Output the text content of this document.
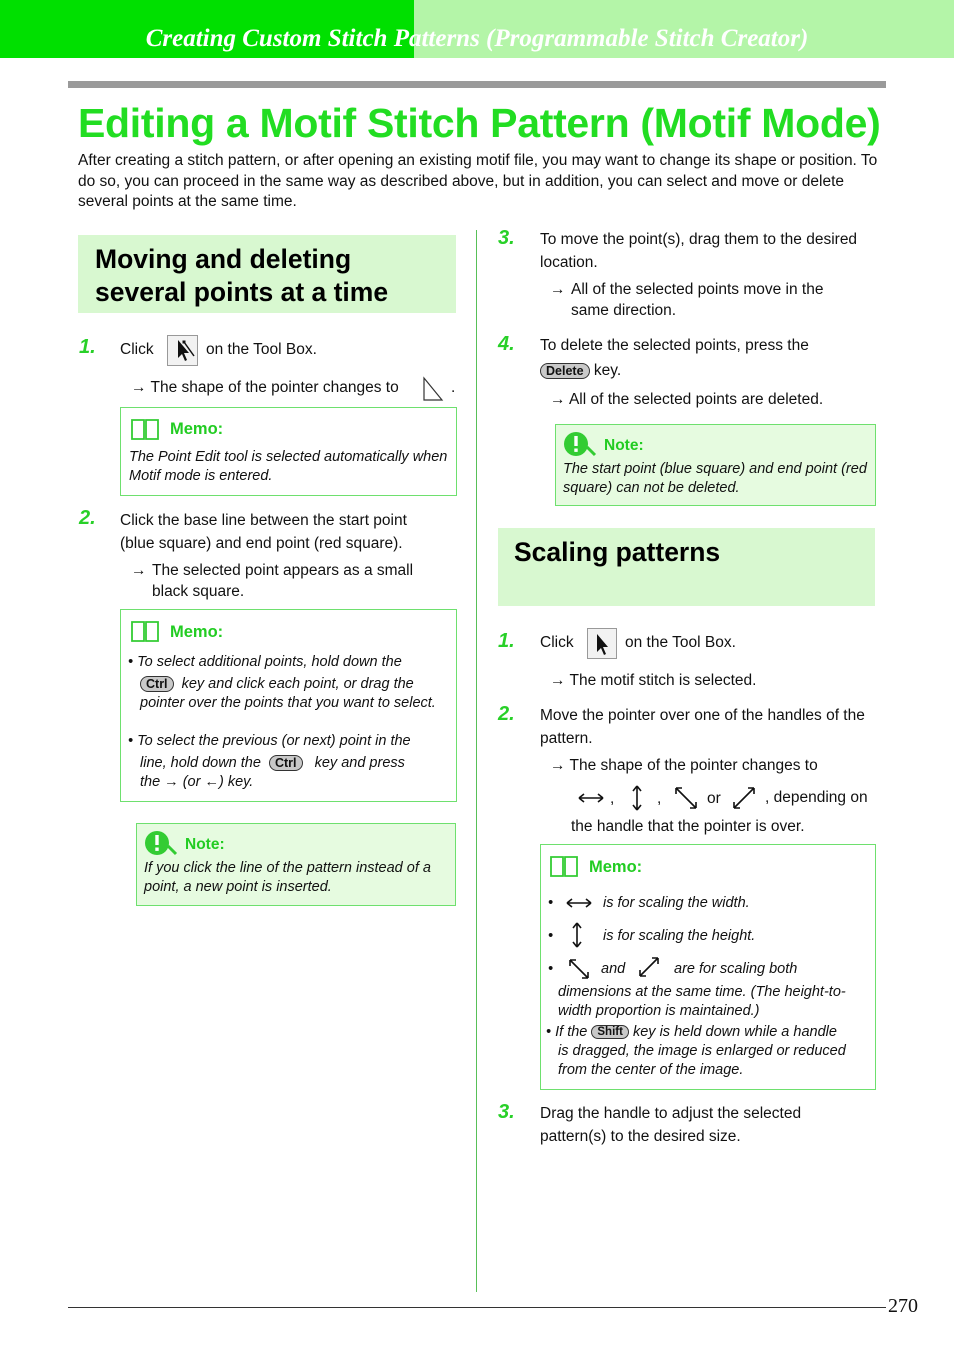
Creating Custom Stitch Patterns (Programmable Stitch Creator)
Editing a Motif Stitch Pattern (Motif Mode)
After creating a stitch pattern, or after opening an existing motif file, you may want to change its shape or position. To do so, you can proceed in the same way as described above, but in addition, you can select and move or delete several points at the same time.
Moving and deleting
several points at a time
1. Click	on the Tool Box.
→ The shape of the pointer changes to	.
Memo:
The Point Edit tool is selected automatically when Motif mode is entered.
2. Click the base line between the start point (blue square) and end point (red square).
→ The selected point appears as a small black square.
Memo:
• To select additional points, hold down the
Ctrl key and click each point, or drag the pointer over the points that you want to select.
• To select the previous (or next) point in the
line, hold down the Ctrl key and press
the → (or ←) key.
Note:
If you click the line of the pattern instead of a point, a new point is inserted.
3. To move the point(s), drag them to the desired location.
→ All of the selected points move in the same direction.
4. To delete the selected points, press the
Delete key.
→ All of the selected points are deleted.
Note:
The start point (blue square) and end point (red square) can not be deleted.
Scaling patterns
1. Click	on the Tool Box.
→ The motif stitch is selected.
2. Move the pointer over one of the handles of the pattern.
→ The shape of the pointer changes to
,	,	or	, depending on
the handle that the pointer is over.
Memo:
•	is for scaling the width.
•	is for scaling the height.
•	and	are for scaling both
dimensions at the same time. (The height-to-width proportion is maintained.)
• If the Shift key is held down while a handle
is dragged, the image is enlarged or reduced from the center of the image.
3. Drag the handle to adjust the selected pattern(s) to the desired size.
270
